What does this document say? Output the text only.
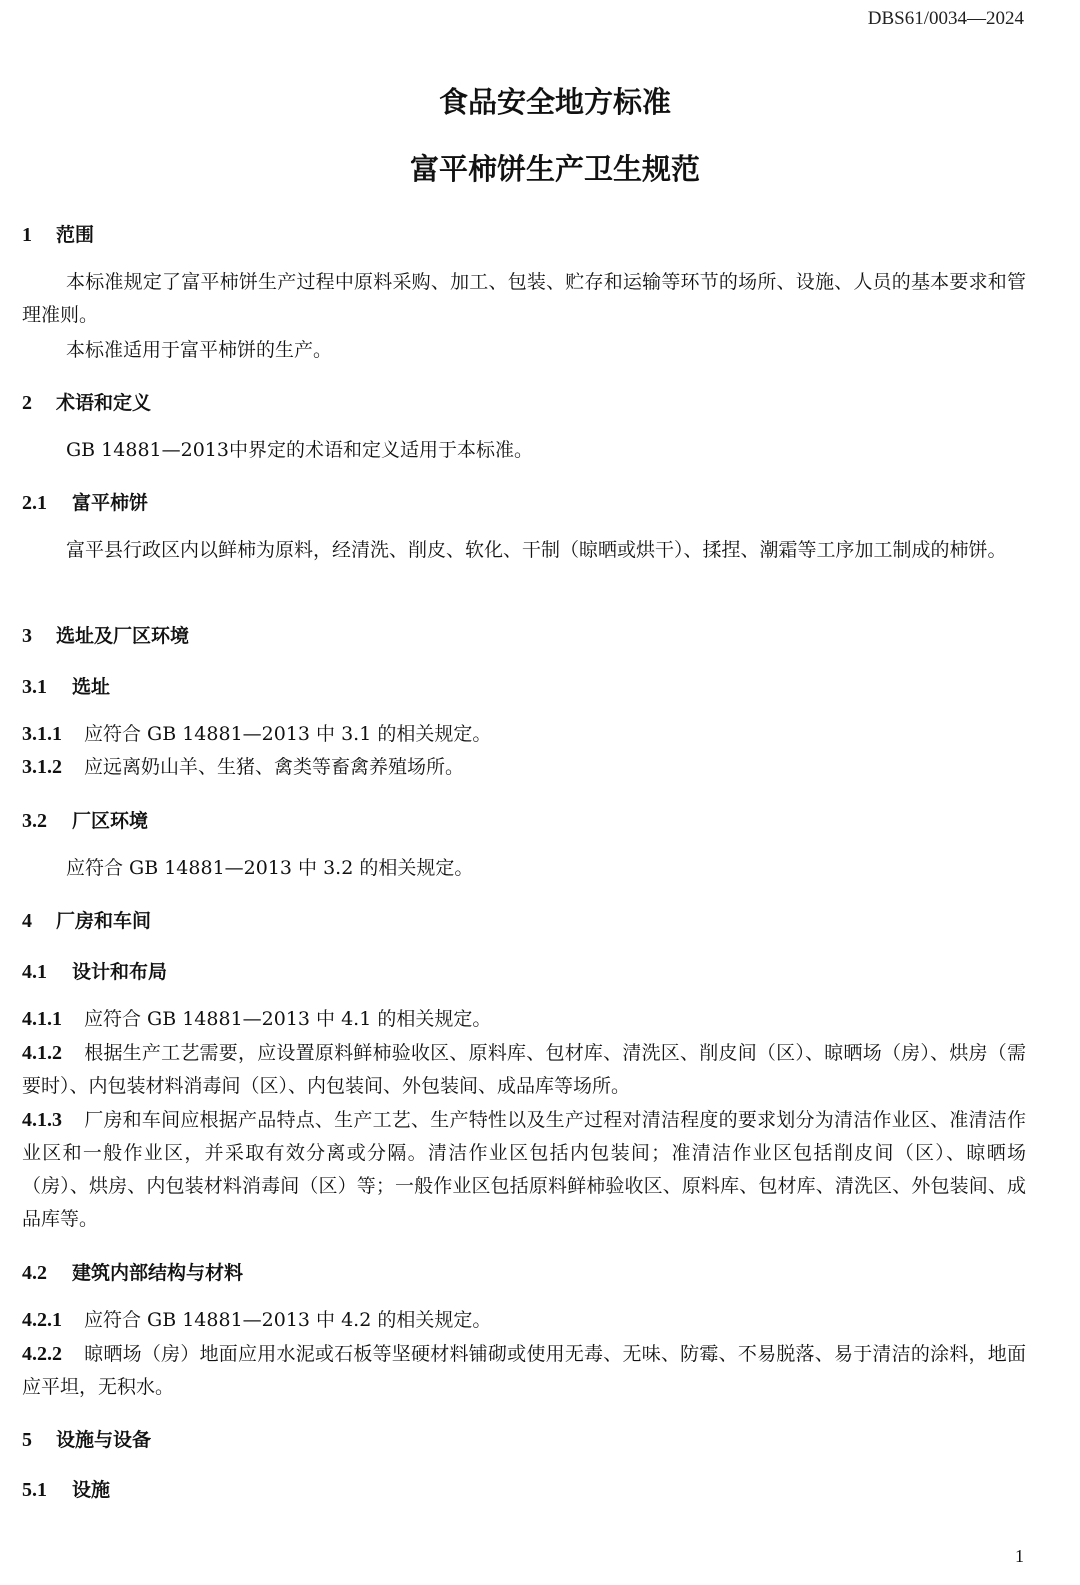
DBS61/0034—2024
食品安全地方标准
富平柿饼生产卫生规范
1 范围
本标准规定了富平柿饼生产过程中原料采购、加工、包装、贮存和运输等环节的场所、设施、人员的基本要求和管理准则。
本标准适用于富平柿饼的生产。
2 术语和定义
GB 14881—2013中界定的术语和定义适用于本标准。
2.1 富平柿饼
富平县行政区内以鲜柿为原料，经清洗、削皮、软化、干制（晾晒或烘干）、揉捏、潮霜等工序加工制成的柿饼。
3 选址及厂区环境
3.1 选址
3.1.1 应符合 GB 14881—2013 中 3.1 的相关规定。
3.1.2 应远离奶山羊、生猪、禽类等畜禽养殖场所。
3.2 厂区环境
应符合 GB 14881—2013 中 3.2 的相关规定。
4 厂房和车间
4.1 设计和布局
4.1.1 应符合 GB 14881—2013 中 4.1 的相关规定。
4.1.2 根据生产工艺需要，应设置原料鲜柿验收区、原料库、包材库、清洗区、削皮间（区）、晾晒场（房）、烘房（需要时）、内包装材料消毒间（区）、内包装间、外包装间、成品库等场所。
4.1.3 厂房和车间应根据产品特点、生产工艺、生产特性以及生产过程对清洁程度的要求划分为清洁作业区、准清洁作业区和一般作业区，并采取有效分离或分隔。清洁作业区包括内包装间；准清洁作业区包括削皮间（区）、晾晒场（房）、烘房、内包装材料消毒间（区）等；一般作业区包括原料鲜柿验收区、原料库、包材库、清洗区、外包装间、成品库等。
4.2 建筑内部结构与材料
4.2.1 应符合 GB 14881—2013 中 4.2 的相关规定。
4.2.2 晾晒场（房）地面应用水泥或石板等坚硬材料铺砌或使用无毒、无味、防霉、不易脱落、易于清洁的涂料，地面应平坦，无积水。
5 设施与设备
5.1 设施
1
